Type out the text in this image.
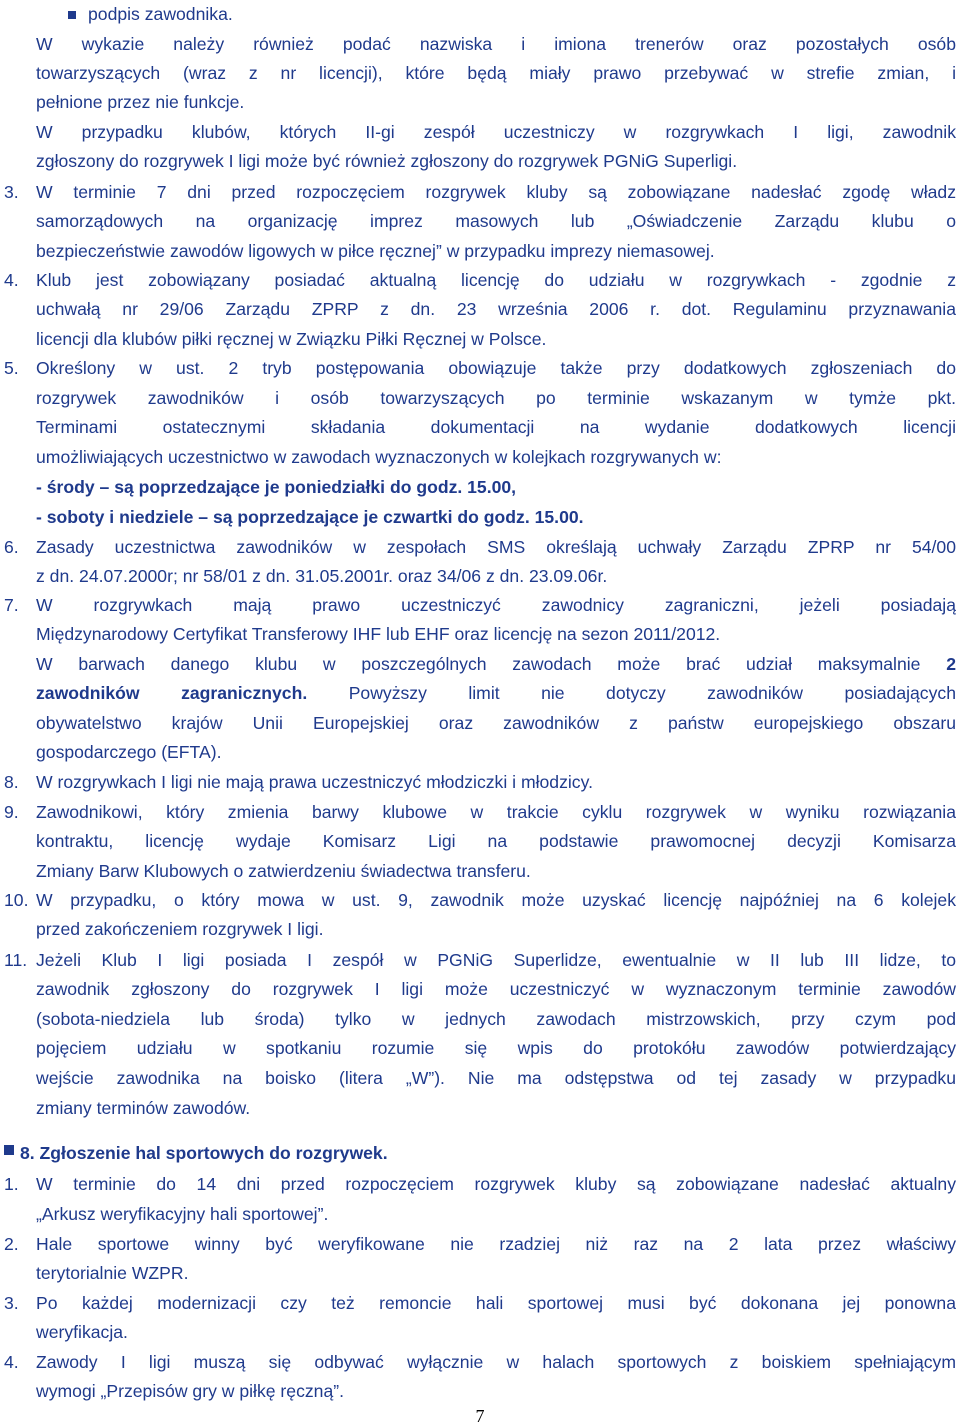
podpis zawodnika.
W wykazie należy również podać nazwiska i imiona trenerów oraz pozostałych osób
towarzyszących (wraz z nr licencji), które będą miały prawo przebywać w strefie zmian, i
pełnione przez nie funkcje.
W przypadku klubów, których II-gi zespół uczestniczy w rozgrywkach I ligi, zawodnik
zgłoszony do rozgrywek I ligi może być również zgłoszony do rozgrywek PGNiG Superligi.
3. W terminie 7 dni przed rozpoczęciem rozgrywek kluby są zobowiązane nadesłać zgodę władz
samorządowych na organizację imprez masowych lub „Oświadczenie Zarządu klubu o
bezpieczeństwie zawodów ligowych w piłce ręcznej” w przypadku imprezy niemasowej.
4. Klub jest zobowiązany posiadać aktualną licencję do udziału w rozgrywkach - zgodnie z
uchwałą nr 29/06 Zarządu ZPRP z dn. 23 września 2006 r. dot. Regulaminu przyznawania
licencji dla klubów piłki ręcznej w Związku Piłki Ręcznej w Polsce.
5. Określony w ust. 2 tryb postępowania obowiązuje także przy dodatkowych zgłoszeniach do
rozgrywek zawodników i osób towarzyszących po terminie wskazanym w tymże pkt.
Terminami ostatecznymi składania dokumentacji na wydanie dodatkowych licencji
umożliwiających uczestnictwo w zawodach wyznaczonych w kolejkach rozgrywanych w:
- środy – są poprzedzające je poniedziałki do godz. 15.00,
- soboty i niedziele – są poprzedzające je czwartki do godz. 15.00.
6. Zasady uczestnictwa zawodników w zespołach SMS określają uchwały Zarządu ZPRP nr 54/00
z dn. 24.07.2000r; nr 58/01 z dn. 31.05.2001r. oraz 34/06 z dn. 23.09.06r.
7. W rozgrywkach mają prawo uczestniczyć zawodnicy zagraniczni, jeżeli posiadają
Międzynarodowy Certyfikat Transferowy IHF lub EHF oraz licencję na sezon 2011/2012.
W barwach danego klubu w poszczególnych zawodach może brać udział maksymalnie 2
zawodników zagranicznych. Powyższy limit nie dotyczy zawodników posiadających
obywatelstwo krajów Unii Europejskiej oraz zawodników z państw europejskiego obszaru
gospodarczego (EFTA).
8. W rozgrywkach I ligi nie mają prawa uczestniczyć młodziczki i młodzicy.
9. Zawodnikowi, który zmienia barwy klubowe w trakcie cyklu rozgrywek w wyniku rozwiązania
kontraktu, licencję wydaje Komisarz Ligi na podstawie prawomocnej decyzji Komisarza
Zmiany Barw Klubowych o zatwierdzeniu świadectwa transferu.
10. W przypadku, o który mowa w ust. 9, zawodnik może uzyskać licencję najpóźniej na 6 kolejek
przed zakończeniem rozgrywek I ligi.
11. Jeżeli Klub I ligi posiada I zespół w PGNiG Superlidze, ewentualnie w II lub III lidze, to
zawodnik zgłoszony do rozgrywek I ligi może uczestniczyć w wyznaczonym terminie zawodów
(sobota-niedziela lub środa) tylko w jednych zawodach mistrzowskich, przy czym pod
pojęciem udziału w spotkaniu rozumie się wpis do protokółu zawodów potwierdzający
wejście zawodnika na boisko (litera „W”). Nie ma odstępstwa od tej zasady w przypadku
zmiany terminów zawodów.
8. Zgłoszenie hal sportowych do rozgrywek.
1. W terminie do 14 dni przed rozpoczęciem rozgrywek kluby są zobowiązane nadesłać aktualny
„Arkusz weryfikacyjny hali sportowej”.
2. Hale sportowe winny być weryfikowane nie rzadziej niż raz na 2 lata przez właściwy
terytorialnie WZPR.
3. Po każdej modernizacji czy też remoncie hali sportowej musi być dokonana jej ponowna
weryfikacja.
4. Zawody I ligi muszą się odbywać wyłącznie w halach sportowych z boiskiem spełniającym
wymogi „Przepisów gry w piłkę ręczną”.
7
